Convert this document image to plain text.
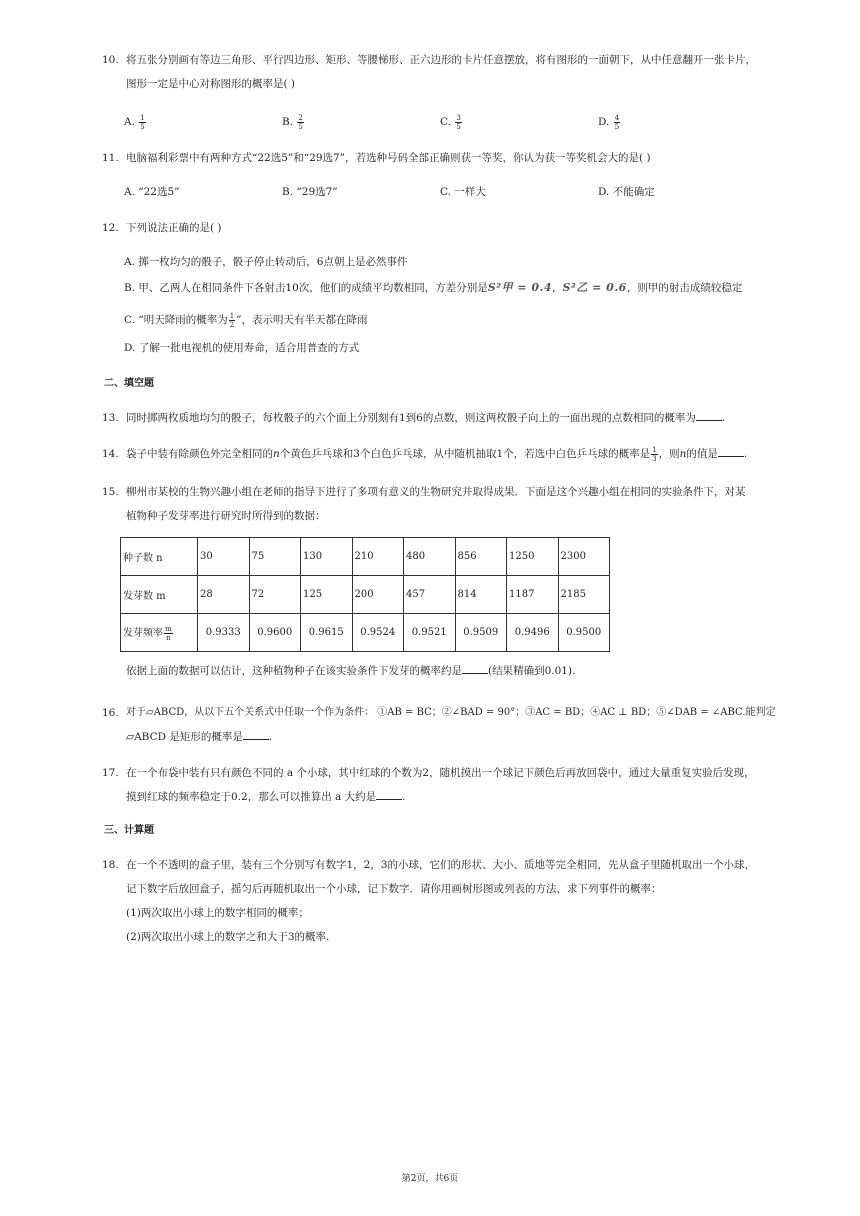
10. 将五张分别画有等边三角形、平行四边形、矩形、等腰梯形、正六边形的卡片任意摆放，将有图形的一面朝下，从中任意翻开一张卡片，
图形一定是中心对称图形的概率是( )
A. $\frac{1}{5}$	B. $\frac{2}{5}$	C. $\frac{3}{5}$	D. $\frac{4}{5}$
11. 电脑福利彩票中有两种方式“22选5”和“29选7”，若选种号码全部正确则获一等奖，你认为获一等奖机会大的是( )
A. “22选5”	B. “29选7”	C. 一样大	D. 不能确定
12. 下列说法正确的是( )
A. 掷一枚均匀的骰子，骰子停止转动后，6点朝上是必然事件
B. 甲、乙两人在相同条件下各射击10次，他们的成绩平均数相同，方差分别是S²甲 = 0.4，S²乙 = 0.6，则甲的射击成绩较稳定
C. “明天降雨的概率为 $\frac{1}{2}$ ”，表示明天有半天都在降雨
D. 了解一批电视机的使用寿命，适合用普查的方式
二、填空题
13. 同时掷两枚质地均匀的骰子，每枚骰子的六个面上分别刻有1到6的点数，则这两枚骰子向上的一面出现的点数相同的概率为 .
14. 袋子中装有除颜色外完全相同的n个黄色乒乓球和3个白色乒乓球，从中随机抽取1个，若选中白色乒乓球的概率是 $\frac{1}{3}$ ，则n的值是 .
15. 柳州市某校的生物兴趣小组在老师的指导下进行了多项有意义的生物研究并取得成果．下面是这个兴趣小组在相同的实验条件下，对某
植物种子发芽率进行研究时所得到的数据：
种子数 n	30	75	130	210	480	856	1250	2300
发芽数 m	28	72	125	200	457	814	1187	2185
发芽频率 $\frac{m}{n}$	0.9333	0.9600	0.9615	0.9524	0.9521	0.9509	0.9496	0.9500
依据上面的数据可以估计，这种植物种子在该实验条件下发芽的概率约是 (结果精确到0.01).
16. 对于▱ABCD，从以下五个关系式中任取一个作为条件： ①AB = BC；②∠BAD = 90°；③AC = BD；④AC ⊥ BD；⑤∠DAB = ∠ABC.能判定
▱ABCD 是矩形的概率是 .
17. 在一个布袋中装有只有颜色不同的 a 个小球，其中红球的个数为2，随机摸出一个球记下颜色后再放回袋中，通过大量重复实验后发现，
摸到红球的频率稳定于0.2，那么可以推算出 a 大约是 .
三、计算题
18. 在一个不透明的盒子里，装有三个分别写有数字1，2，3的小球，它们的形状、大小、质地等完全相同，先从盒子里随机取出一个小球，
记下数字后放回盒子，摇匀后再随机取出一个小球，记下数字．请你用画树形图或列表的方法，求下列事件的概率：
(1)两次取出小球上的数字相同的概率；
(2)两次取出小球上的数字之和大于3的概率.
第2页，共6页
